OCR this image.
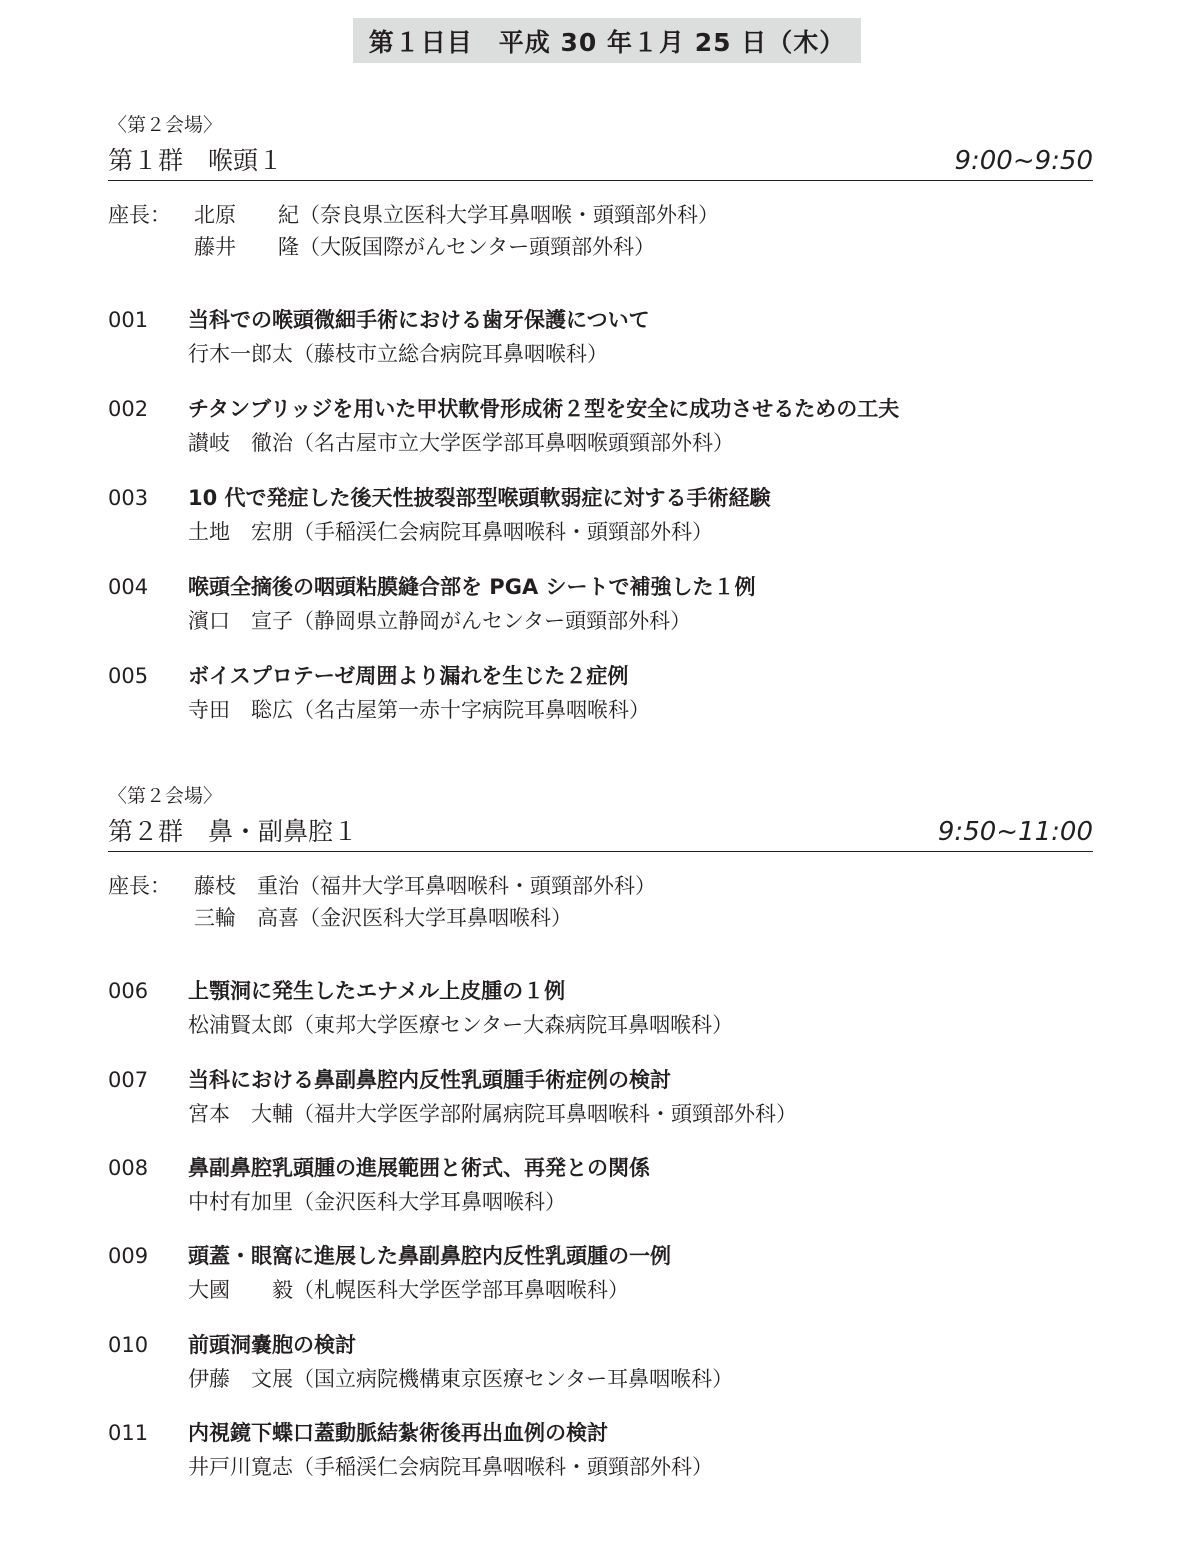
第１日目　平成 30 年１月 25 日（木）
〈第２会場〉
第１群　喉頭１	9:00~9:50
座長：	北原　　紀（奈良県立医科大学耳鼻咽喉・頭頸部外科）
藤井　　隆（大阪国際がんセンター頭頸部外科）
001	当科での喉頭微細手術における歯牙保護について
行木一郎太（藤枝市立総合病院耳鼻咽喉科）
002	チタンブリッジを用いた甲状軟骨形成術２型を安全に成功させるための工夫
讃岐　徹治（名古屋市立大学医学部耳鼻咽喉頭頸部外科）
003	10 代で発症した後天性披裂部型喉頭軟弱症に対する手術経験
土地　宏朋（手稲渓仁会病院耳鼻咽喉科・頭頸部外科）
004	喉頭全摘後の咽頭粘膜縫合部を PGA シートで補強した１例
濱口　宣子（静岡県立静岡がんセンター頭頸部外科）
005	ボイスプロテーゼ周囲より漏れを生じた２症例
寺田　聡広（名古屋第一赤十字病院耳鼻咽喉科）
〈第２会場〉
第２群　鼻・副鼻腔１	9:50~11:00
座長：	藤枝　重治（福井大学耳鼻咽喉科・頭頸部外科）
三輪　高喜（金沢医科大学耳鼻咽喉科）
006	上顎洞に発生したエナメル上皮腫の１例
松浦賢太郎（東邦大学医療センター大森病院耳鼻咽喉科）
007	当科における鼻副鼻腔内反性乳頭腫手術症例の検討
宮本　大輔（福井大学医学部附属病院耳鼻咽喉科・頭頸部外科）
008	鼻副鼻腔乳頭腫の進展範囲と術式、再発との関係
中村有加里（金沢医科大学耳鼻咽喉科）
009	頭蓋・眼窩に進展した鼻副鼻腔内反性乳頭腫の一例
大國　　毅（札幌医科大学医学部耳鼻咽喉科）
010	前頭洞嚢胞の検討
伊藤　文展（国立病院機構東京医療センター耳鼻咽喉科）
011	内視鏡下蝶口蓋動脈結紮術後再出血例の検討
井戸川寛志（手稲渓仁会病院耳鼻咽喉科・頭頸部外科）
